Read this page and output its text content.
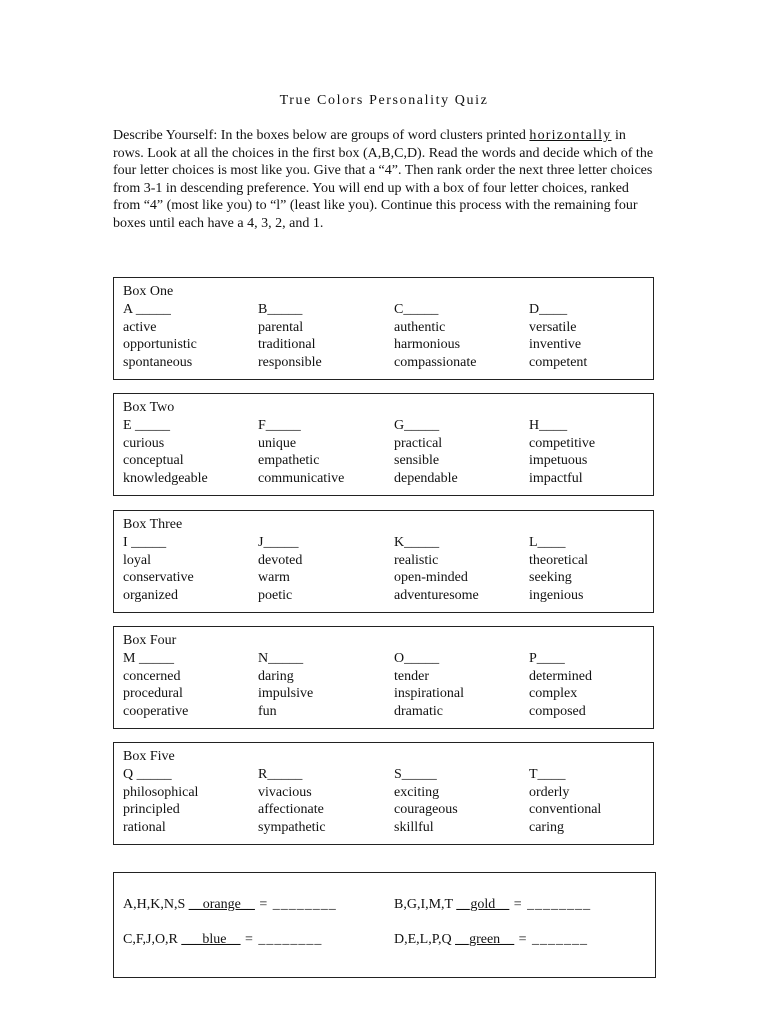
True Colors Personality Quiz
Describe Yourself: In the boxes below are groups of word clusters printed horizontally in rows. Look at all the choices in the first box (A,B,C,D). Read the words and decide which of the four letter choices is most like you. Give that a “4”. Then rank order the next three letter choices from 3-1 in descending preference. You will end up with a box of four letter choices, ranked from “4” (most like you) to “l” (least like you). Continue this process with the remaining four boxes until each have a 4, 3, 2, and 1.
Box One
A _____
active
opportunistic
spontaneous
B_____
parental
traditional
responsible
C_____
authentic
harmonious
compassionate
D____
versatile
inventive
competent
Box Two
E _____
curious
conceptual
knowledgeable
F_____
unique
empathetic
communicative
G_____
practical
sensible
dependable
H____
competitive
impetuous
impactful
Box Three
I _____
loyal
conservative
organized
J_____
devoted
warm
poetic
K_____
realistic
open-minded
adventuresome
L____
theoretical
seeking
ingenious
Box Four
M _____
concerned
procedural
cooperative
N_____
daring
impulsive
fun
O_____
tender
inspirational
dramatic
P____
determined
complex
composed
Box Five
Q _____
philosophical
principled
rational
R_____
vivacious
affectionate
sympathetic
S_____
exciting
courageous
skillful
T____
orderly
conventional
caring
A,H,K,N,S __orange__ = ________	B,G,I,M,T __gold__ = ________
C,F,J,O,R ___blue__ = ________	D,E,L,P,Q __green__ = _______
